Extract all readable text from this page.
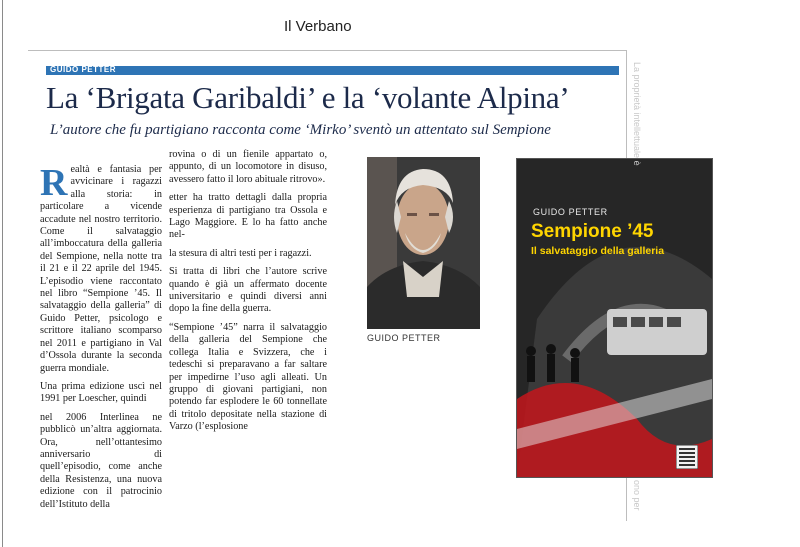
Il Verbano
GUIDO PETTER
La ‘Brigata Garibaldi’ e la ‘volante Alpina’
L’autore che fu partigiano racconta come ‘Mirko’ sventò un attentato sul Sempione

Realtà e fantasia per avvicinare i ragazzi alla storia: in particolare a vicende accadute nel nostro territorio. Come il salvataggio all’imboccatura della galleria del Sempione, nella notte tra il 21 e il 22 aprile del 1945. L’episodio viene raccontato nel libro “Sempione ’45. Il salvataggio della galleria” di Guido Petter, psicologo e scrittore italiano scomparso nel 2011 e partigiano in Val d’Ossola durante la seconda guerra mondiale.

Una prima edizione uscì nel 1991 per Loescher, quindi

nel 2006 Interlinea ne pubblicò un’altra aggiornata. Ora, nell’ottantesimo anniversario di quell’episodio, come anche della Resistenza, una nuova edizione con il patrocinio dell’Istituto della

rovina o di un fienile appartato o, appunto, di un locomotore in disuso, avessero fatto il loro abituale ritrovo».

etter ha tratto dettagli dalla propria esperienza di partigiano tra Ossola e Lago Maggiore. E lo ha fatto anche nel-

la stesura di altri testi per i ragazzi.

Si tratta di libri che l’autore scrive quando è già un affermato docente universitario e quindi diversi anni dopo la fine della guerra.

“Sempione ’45” narra il salvataggio della galleria del Sempione che collega Italia e Svizzera, che i tedeschi si preparavano a far saltare per impedirne l’uso agli alleati. Un gruppo di giovani partigiani, non potendo far esplodere le 60 tonnellate di tritolo depositate nella stazione di Varzo (l’esplosione

GUIDO PETTER
GUIDO PETTER
Sempione ’45
Il salvataggio della galleria
La proprietà intellettuale è
ono per
